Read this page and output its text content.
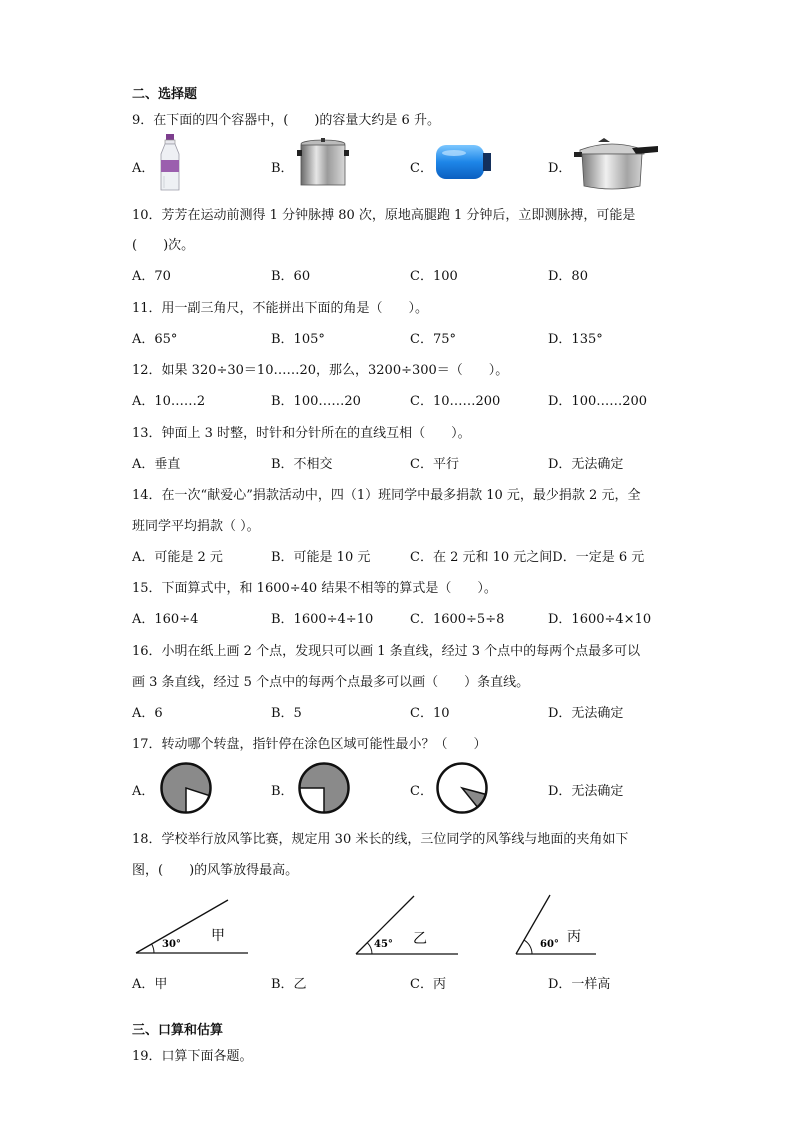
二、选择题
9．在下面的四个容器中，(　　)的容量大约是 6 升。
A．	B．	C．	D．
10．芳芳在运动前测得 1 分钟脉搏 80 次，原地高腿跑 1 分钟后，立即测脉搏，可能是
(　　)次。
A．70	B．60	C．100	D．80
11．用一副三角尺，不能拼出下面的角是（　　）。
A．65°	B．105°	C．75°	D．135°
12．如果 320÷30＝10……20，那么，3200÷300＝（　　）。
A．10……2	B．100……20	C．10……200	D．100……200
13．钟面上 3 时整，时针和分针所在的直线互相（　　）。
A．垂直	B．不相交	C．平行	D．无法确定
14．在一次“献爱心”捐款活动中，四（1）班同学中最多捐款 10 元，最少捐款 2 元，全
班同学平均捐款（ ）。
A．可能是 2 元	B．可能是 10 元	C．在 2 元和 10 元之间D．一定是 6 元
15．下面算式中，和 1600÷40 结果不相等的算式是（　　）。
A．160÷4	B．1600÷4÷10	C．1600÷5÷8	D．1600÷4×10
16．小明在纸上画 2 个点，发现只可以画 1 条直线，经过 3 个点中的每两个点最多可以
画 3 条直线，经过 5 个点中的每两个点最多可以画（　　）条直线。
A．6	B．5	C．10	D．无法确定
17．转动哪个转盘，指针停在涂色区域可能性最小？（　　）
A．	B．	C．	D．无法确定
18．学校举行放风筝比赛，规定用 30 米长的线，三位同学的风筝线与地面的夹角如下
图，(　　)的风筝放得最高。
30°
甲
45° 乙	60° 丙
A．甲	B．乙	C．丙	D．一样高
三、口算和估算
19．口算下面各题。
